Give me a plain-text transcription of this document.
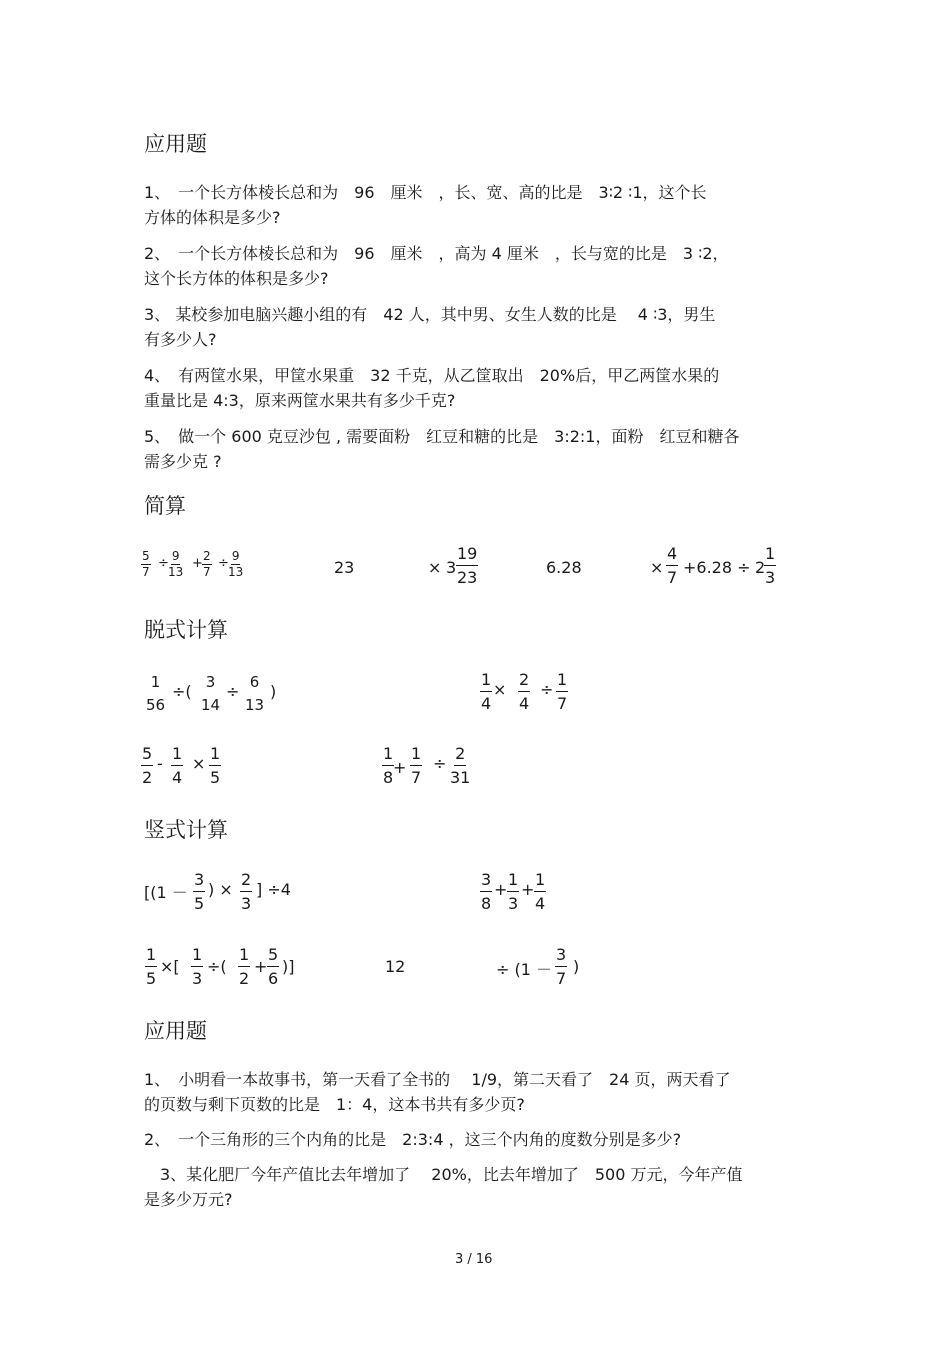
应用题
1、　一个长方体棱长总和为　96　厘米　，长、宽、高的比是　3∶2 ∶1，这个长
方体的体积是多少?
2、　一个长方体棱长总和为　96　厘米　，高为 4 厘米　，长与宽的比是　3 ∶2，
这个长方体的体积是多少?
3、 某校参加电脑兴趣小组的有　42 人，其中男、女生人数的比是　 4 ∶3，男生
有多少人?
4、　有两筐水果，甲筐水果重　32 千克，从乙筐取出　20%后，甲乙两筐水果的
重量比是 4:3，原来两筐水果共有多少千克?
5、　做一个 600 克豆沙包 , 需要面粉　红豆和糖的比是　3:2:1，面粉　红豆和糖各
需多少克 ?
简算
5
7
÷ 9
13
+ 2
7
÷ 9
13	23	× 3
19
23
6.28	×
4
7
+6.28 ÷ 2
1
3
脱式计算
1
56
÷( 3
14
÷ 6
13
)
1
4
×
2
4
÷
1
7
5
2
-
1
4
×
1
5
1
8
+
1
7
÷
2
31
竖式计算
[(1 －
3
5
) ×
2
3
] ÷4
3
8
+
1
3
+
1
4
1
5
×[
1
3
÷(
1
2
+
5
6
)]	12	÷ (1 －
3
7
)
应用题
1、　小明看一本故事书，第一天看了全书的　 1/9，第二天看了　24 页，两天看了
的页数与剩下页数的比是　1：4，这本书共有多少页?
2、　一个三角形的三个内角的比是　2:3:4 ，这三个内角的度数分别是多少?
　3、某化肥厂今年产值比去年增加了　 20%，比去年增加了　500 万元，今年产值
是多少万元?
3 / 16
